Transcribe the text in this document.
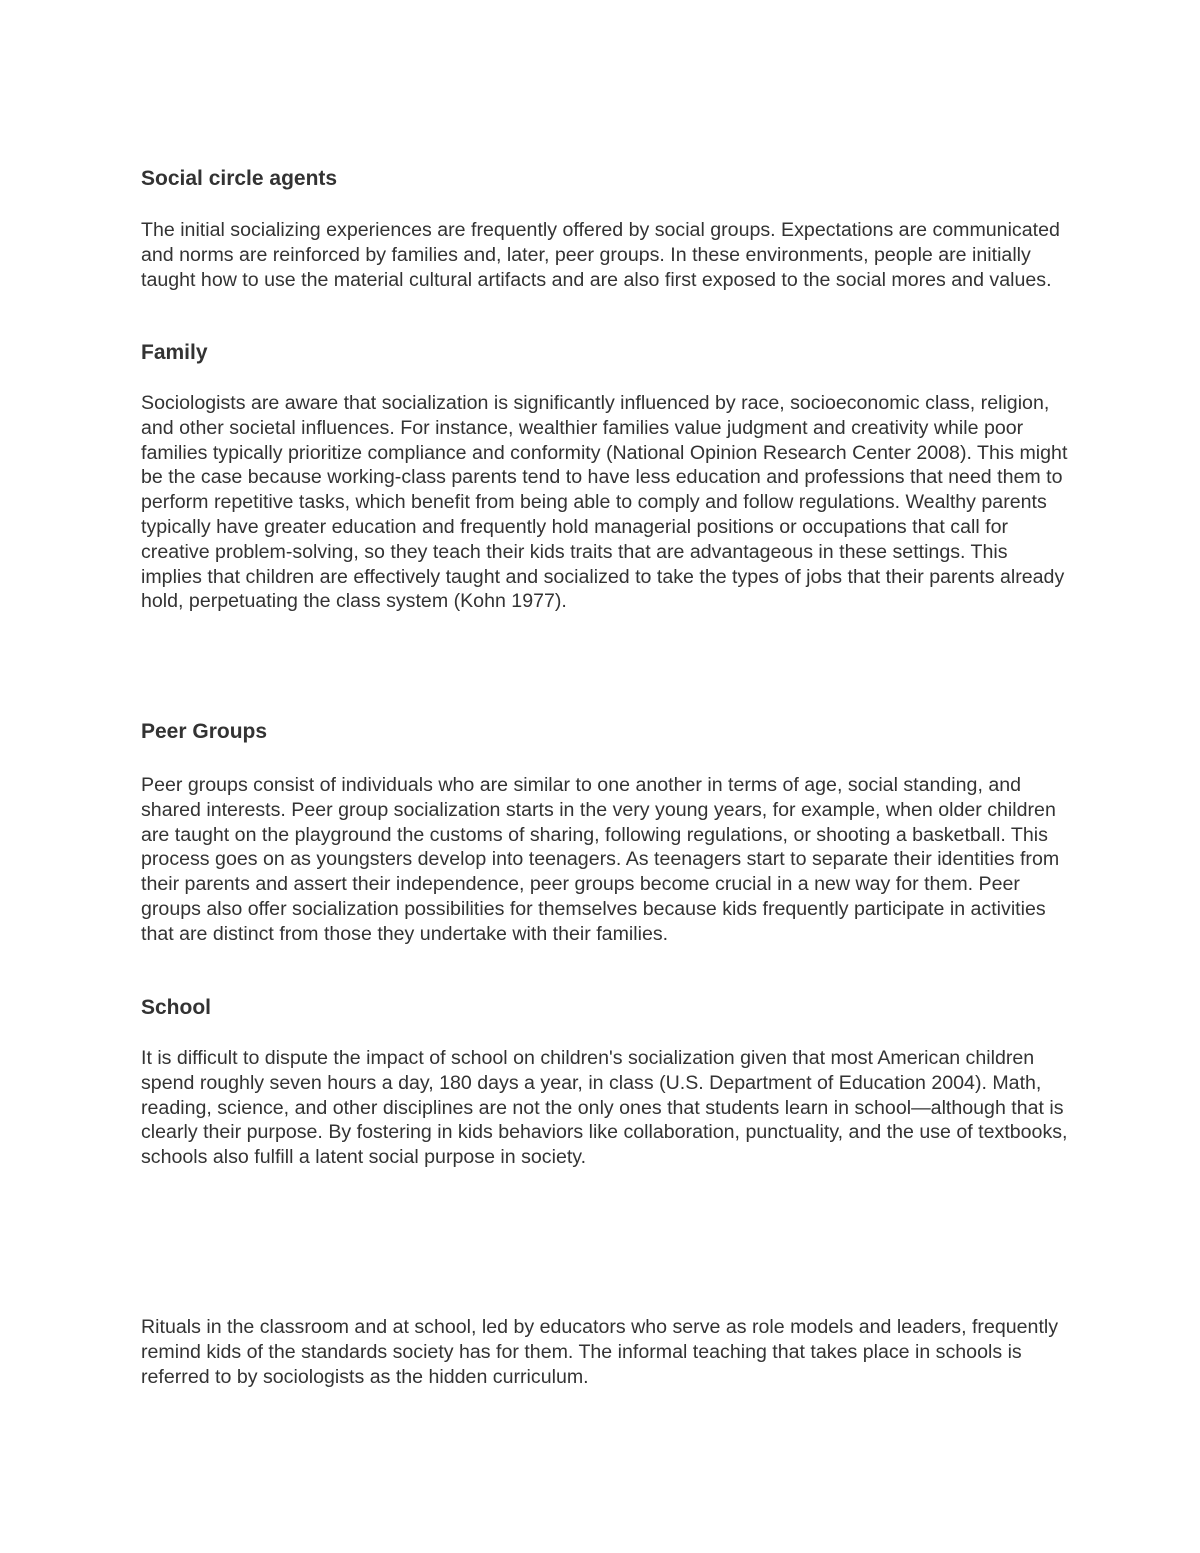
Social circle agents

The initial socializing experiences are frequently offered by social groups. Expectations are communicated and norms are reinforced by families and, later, peer groups. In these environments, people are initially taught how to use the material cultural artifacts and are also first exposed to the social mores and values.

Family

Sociologists are aware that socialization is significantly influenced by race, socioeconomic class, religion, and other societal influences. For instance, wealthier families value judgment and creativity while poor families typically prioritize compliance and conformity (National Opinion Research Center 2008). This might be the case because working-class parents tend to have less education and professions that need them to perform repetitive tasks, which benefit from being able to comply and follow regulations. Wealthy parents typically have greater education and frequently hold managerial positions or occupations that call for creative problem-solving, so they teach their kids traits that are advantageous in these settings. This implies that children are effectively taught and socialized to take the types of jobs that their parents already hold, perpetuating the class system (Kohn 1977).

Peer Groups

Peer groups consist of individuals who are similar to one another in terms of age, social standing, and shared interests. Peer group socialization starts in the very young years, for example, when older children are taught on the playground the customs of sharing, following regulations, or shooting a basketball. This process goes on as youngsters develop into teenagers. As teenagers start to separate their identities from their parents and assert their independence, peer groups become crucial in a new way for them. Peer groups also offer socialization possibilities for themselves because kids frequently participate in activities that are distinct from those they undertake with their families.

School

It is difficult to dispute the impact of school on children's socialization given that most American children spend roughly seven hours a day, 180 days a year, in class (U.S. Department of Education 2004). Math, reading, science, and other disciplines are not the only ones that students learn in school—although that is clearly their purpose. By fostering in kids behaviors like collaboration, punctuality, and the use of textbooks, schools also fulfill a latent social purpose in society.

Rituals in the classroom and at school, led by educators who serve as role models and leaders, frequently remind kids of the standards society has for them. The informal teaching that takes place in schools is referred to by sociologists as the hidden curriculum.
